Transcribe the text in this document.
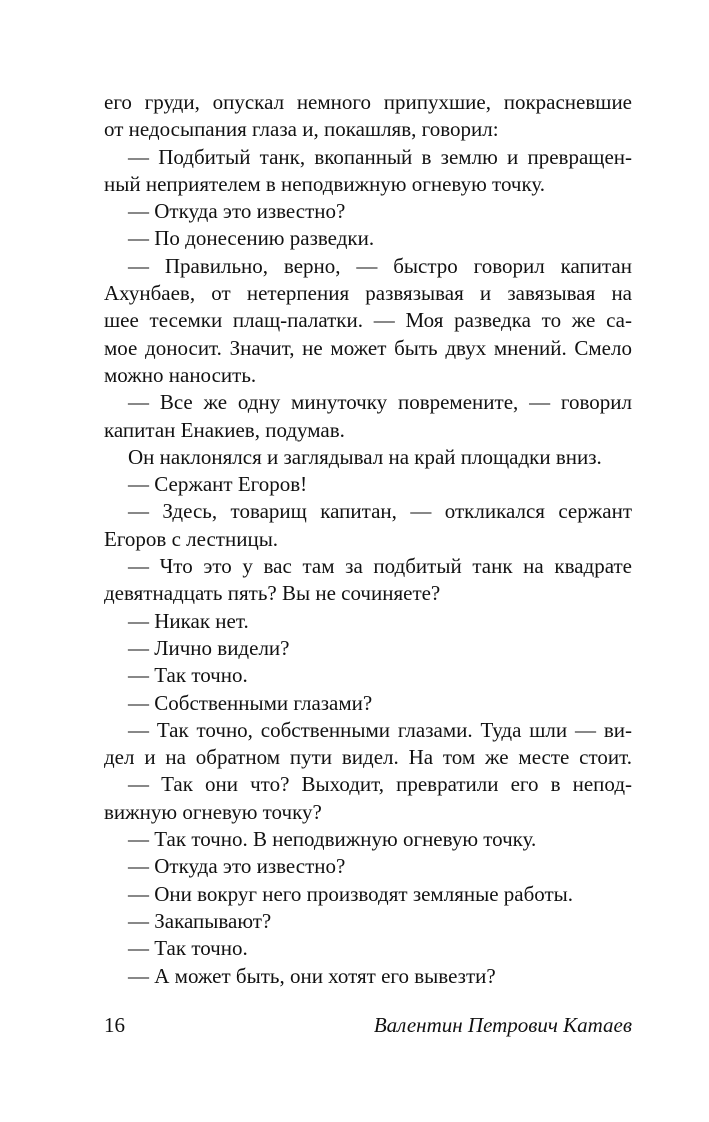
его груди, опускал немного припухшие, покрасневшие
от недосыпания глаза и, покашляв, говорил:
— Подбитый танк, вкопанный в землю и превращен-
ный неприятелем в неподвижную огневую точку.
— Откуда это известно?
— По донесению разведки.
— Правильно, верно, — быстро говорил капитан
Ахунбаев, от нетерпения развязывая и завязывая на
шее тесемки плащ-палатки. — Моя разведка то же са-
мое доносит. Значит, не может быть двух мнений. Смело
можно наносить.
— Все же одну минуточку повремените, — говорил
капитан Енакиев, подумав.
Он наклонялся и заглядывал на край площадки вниз.
— Сержант Егоров!
— Здесь, товарищ капитан, — откликался сержант
Егоров с лестницы.
— Что это у вас там за подбитый танк на квадрате
девятнадцать пять? Вы не сочиняете?
— Никак нет.
— Лично видели?
— Так точно.
— Собственными глазами?
— Так точно, собственными глазами. Туда шли — ви-
дел и на обратном пути видел. На том же месте стоит.
— Так они что? Выходит, превратили его в непод-
вижную огневую точку?
— Так точно. В неподвижную огневую точку.
— Откуда это известно?
— Они вокруг него производят земляные работы.
— Закапывают?
— Так точно.
— А может быть, они хотят его вывезти?
16	Валентин Петрович Катаев
